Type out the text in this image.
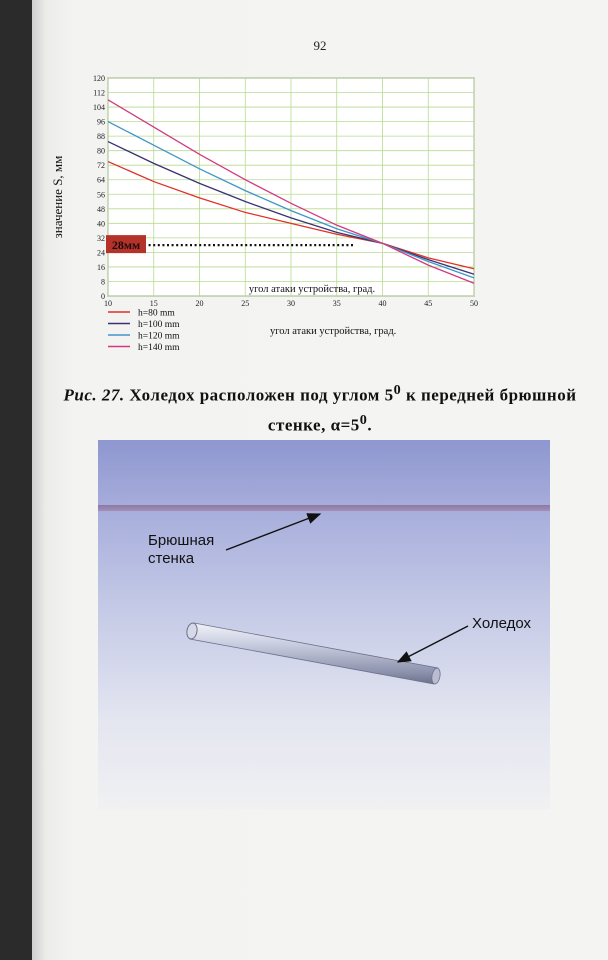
92
0
8
16
24
32
40
48
56
64
72
80
88
96
104
112
120
10	15	20	25	30	35	40	45	50
значение S, мм
угол атаки устройства, град.
угол атаки устройства, град.
28мм
h=80 mm
h=100 mm
h=120 mm
h=140 mm
Рис. 27. Холедох расположен под углом $5^0$ к передней брюшной
стенке, $\alpha=5^0$.
Брюшная
стенка
Холедох
